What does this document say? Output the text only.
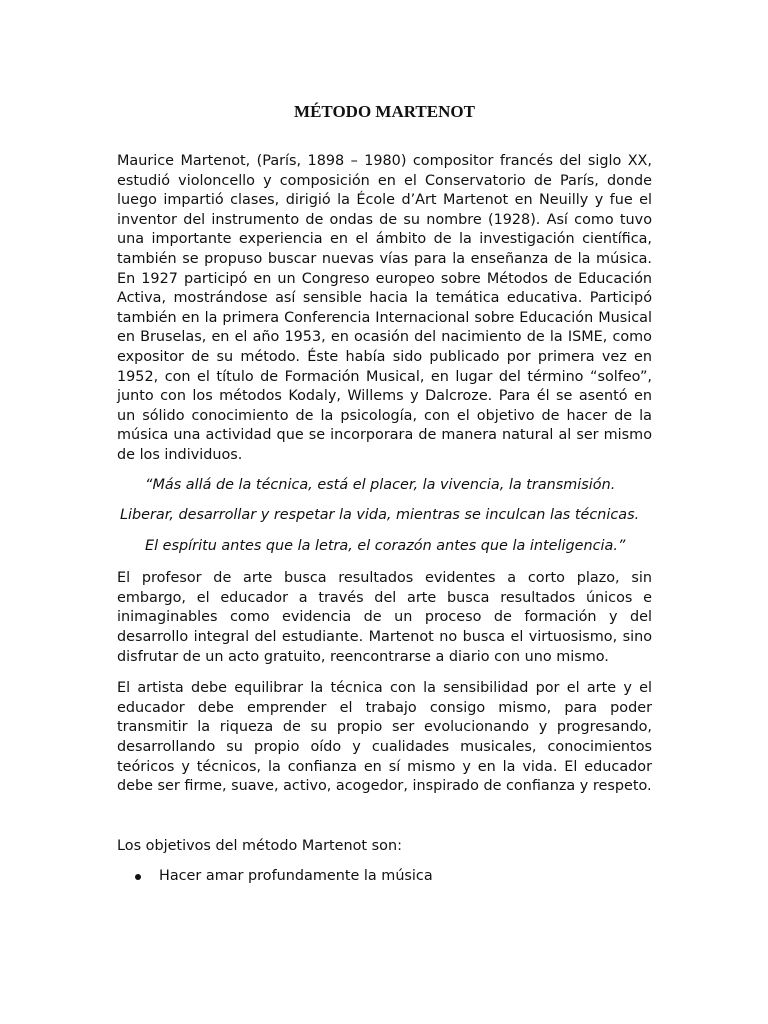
MÉTODO MARTENOT

Maurice Martenot, (París, 1898 – 1980) compositor francés del siglo XX, estudió violoncello y composición en el Conservatorio de París, donde luego impartió clases, dirigió la École d’Art Martenot en Neuilly y fue el inventor del instrumento de ondas de su nombre (1928). Así como tuvo una importante experiencia en el ámbito de la investigación científica, también se propuso buscar nuevas vías para la enseñanza de la música. En 1927 participó en un Congreso europeo sobre Métodos de Educación Activa, mostrándose así sensible hacia la temática educativa. Participó también en la primera Conferencia Internacional sobre Educación Musical en Bruselas, en el año 1953, en ocasión del nacimiento de la ISME, como expositor de su método. Éste había sido publicado por primera vez en 1952, con el título de Formación Musical, en lugar del término “solfeo”, junto con los métodos Kodaly, Willems y Dalcroze. Para él se asentó en un sólido conocimiento de la psicología, con el objetivo de hacer de la música una actividad que se incorporara de manera natural al ser mismo de los individuos.

“Más allá de la técnica, está el placer, la vivencia, la transmisión.

Liberar, desarrollar y respetar la vida, mientras se inculcan las técnicas.

El espíritu antes que la letra, el corazón antes que la inteligencia.”

El profesor de arte busca resultados evidentes a corto plazo, sin embargo, el educador a través del arte busca resultados únicos e inimaginables como evidencia de un proceso de formación y del desarrollo integral del estudiante. Martenot no busca el virtuosismo, sino disfrutar de un acto gratuito, reencontrarse a diario con uno mismo.

El artista debe equilibrar la técnica con la sensibilidad por el arte y el educador debe emprender el trabajo consigo mismo, para poder transmitir la riqueza de su propio ser evolucionando y progresando, desarrollando su propio oído y cualidades musicales, conocimientos teóricos y técnicos, la confianza en sí mismo y en la vida. El educador debe ser firme, suave, activo, acogedor, inspirado de confianza y respeto.

Los objetivos del método Martenot son:

Hacer amar profundamente la música
